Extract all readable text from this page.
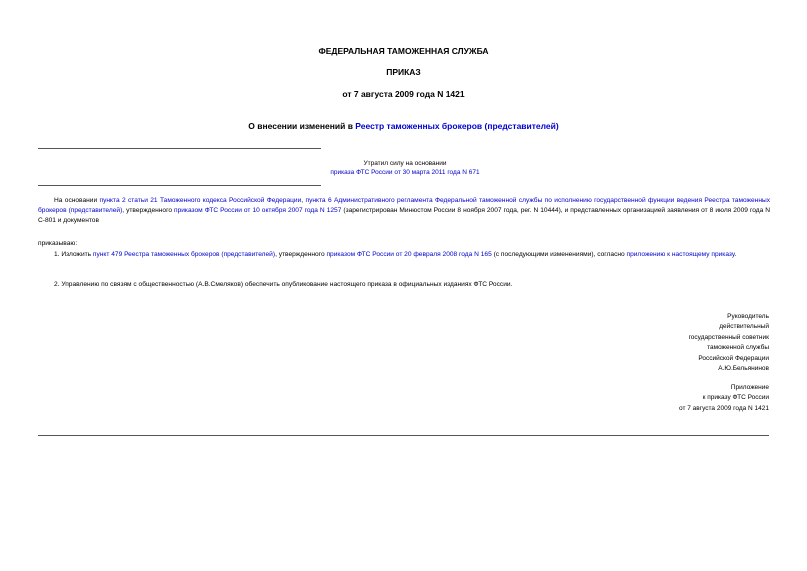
ФЕДЕРАЛЬНАЯ ТАМОЖЕННАЯ СЛУЖБА
ПРИКАЗ
от 7 августа 2009 года N 1421
О внесении изменений в Реестр таможенных брокеров (представителей)
Утратил силу на основании
приказа ФТС России от 30 марта 2011 года N 671
На основании пункта 2 статьи 21 Таможенного кодекса Российской Федерации, пункта 6 Административного регламента Федеральной таможенной службы по исполнению государственной функции ведения Реестра таможенных брокеров (представителей), утвержденного приказом ФТС России от 10 октября 2007 года N 1257 (зарегистрирован Минюстом России 8 ноября 2007 года, рег. N 10444), и представленных организацией заявления от 8 июля 2009 года N С-801 и документов
приказываю:
1. Изложить пункт 479 Реестра таможенных брокеров (представителей), утвержденного приказом ФТС России от 20 февраля 2008 года N 165 (с последующими изменениями), согласно приложению к настоящему приказу.
2. Управлению по связям с общественностью (А.В.Смеляков) обеспечить опубликование настоящего приказа в официальных изданиях ФТС России.
Руководитель
действительный
государственный советник
таможенной службы
Российской Федерации
А.Ю.Бельянинов
Приложение
к приказу ФТС России
от 7 августа 2009 года N 1421
